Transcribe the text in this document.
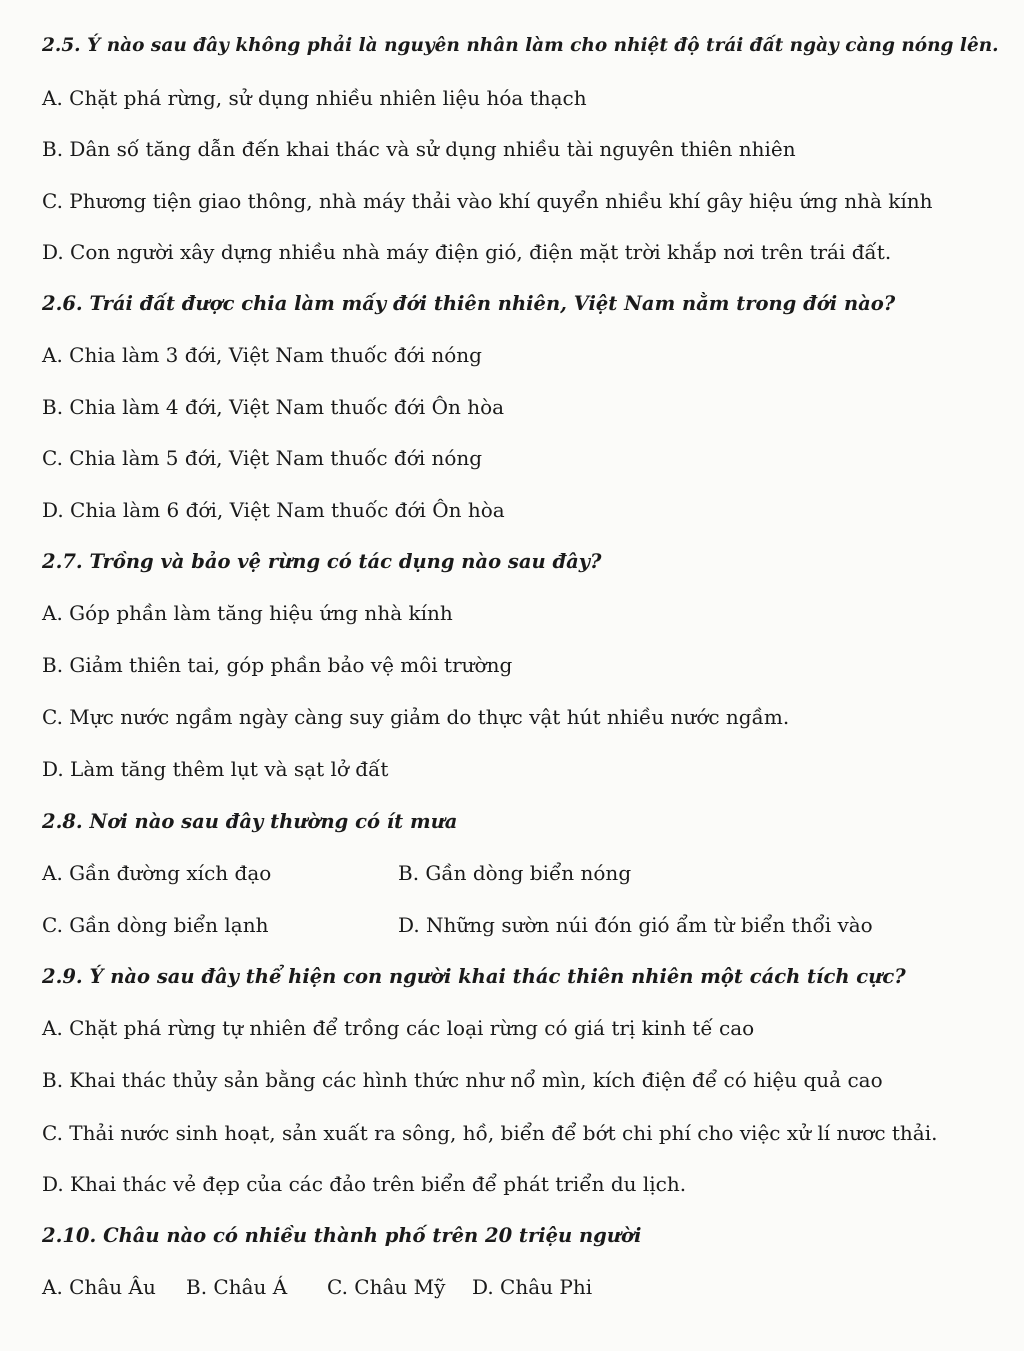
2.5. Ý nào sau đây không phải là nguyên nhân làm cho nhiệt độ trái đất ngày càng nóng lên.
A. Chặt phá rừng, sử dụng nhiều nhiên liệu hóa thạch
B. Dân số tăng dẫn đến khai thác và sử dụng nhiều tài nguyên thiên nhiên
C. Phương tiện giao thông, nhà máy thải vào khí quyển nhiều khí gây hiệu ứng nhà kính
D. Con người xây dựng nhiều nhà máy điện gió, điện mặt trời khắp nơi trên trái đất.
2.6. Trái đất được chia làm mấy đới thiên nhiên, Việt Nam nằm trong đới nào?
A. Chia làm 3 đới, Việt Nam thuốc đới nóng
B. Chia làm 4 đới, Việt Nam thuốc đới Ôn hòa
C. Chia làm 5 đới, Việt Nam thuốc đới nóng
D. Chia làm 6 đới, Việt Nam thuốc đới Ôn hòa
2.7. Trồng và bảo vệ rừng có tác dụng nào sau đây?
A. Góp phần làm tăng hiệu ứng nhà kính
B. Giảm thiên tai, góp phần bảo vệ môi trường
C. Mực nước ngầm ngày càng suy giảm do thực vật hút nhiều nước ngầm.
D. Làm tăng thêm lụt và sạt lở đất
2.8. Nơi nào sau đây thường có ít mưa
A. Gần đường xích đạo	B. Gần dòng biển nóng
C. Gần dòng biển lạnh	D. Những sườn núi đón gió ẩm từ biển thổi vào
2.9. Ý nào sau đây thể hiện con người khai thác thiên nhiên một cách tích cực?
A. Chặt phá rừng tự nhiên để trồng các loại rừng có giá trị kinh tế cao
B. Khai thác thủy sản bằng các hình thức như nổ mìn, kích điện để có hiệu quả cao
C. Thải nước sinh hoạt, sản xuất ra sông, hồ, biển để bớt chi phí cho việc xử lí nươc thải.
D. Khai thác vẻ đẹp của các đảo trên biển để phát triển du lịch.
2.10. Châu nào có nhiều thành phố trên 20 triệu người
A. Châu Âu B. Châu Á C. Châu Mỹ D. Châu Phi
